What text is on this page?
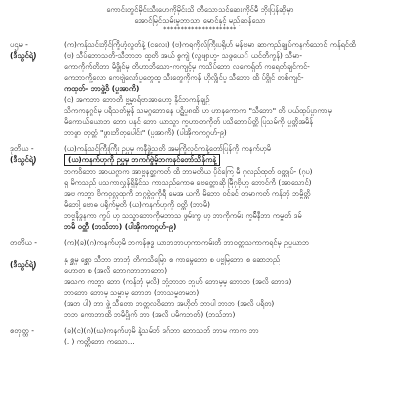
ကောင်းတွင်မိုင်းသီးဟေကိုမိုင်းသိ တီသောသင်ဆေးကိုင်မီ ဘိုးပြန်ဆိုမှာ
အောင်မြင်သမ်းမှုဘာသာ မောင်နှင့် မည်ဆန်သော
*********************
ပဌမ -
(ဒီသွင်ရဲ့)

(က)ကန်သင်းဘိုင်ကြိုဟံ့လွတ်နဲ့ (ငလေး) (ဗ)ကရကိုလ်ကြီးပရိုဟ် မန်ဗမာ ဆာကည်ချုပ်ကနက်သောင် ကန်ရင်ထိ

(ဗ) သီပ်ဘောသတိ-သီဘာဘ ထူတိ အယ် စွကျဲ (လွဖျာဟူ- သဖွယေ် ယင်တိကွန်) သီမာ-

ကောကိုက်တိဘာ မိဖွိုင်မှ တိဟာဘိသော-ကကျင့်မှ ကသိပ်ဘော လကေရှ်တ် ကရေတ်ချင်ကင်-

ကေဘာကို့လော ကေဗျဲလော်ပူတွေထူ သီးတွေကိုကန် ဟိုလွိုင်ပူ သီဘော ထိ ပ်ဗွိုင် တစ်ကျင်-

ကထုတ်- ဘာဖွဲ့ဝိ (ပ္ပအာကိ)

(င) အကဘာ ဘောတိ ဗ္ဗ္ဗမာရ်ဗာအာဟော့ နိုင်ဘကန်ချဉ်

သိကကနဂ္ဂင်မှ ပရိသတ်မွန် သမဂ္ဂဘောနေ ပဋိပ္ပ၈ထိ ဟ ဟာနကောက "သီဘော" တိ ပယ်ထုပ်ပ္ပာကာမှ

မိကောယ်ယောဘ ဘော ပနင် ဘော ယာသွာ ကူဟာတကိုတ် ပသိဘောပ်တ္တိ ပြသမ်ကို ပ္ပတ္တိအမိန်

ဘာဖွာ တုတ္တံ "ဖွားဘိတုပေါင်း" (ပ္ပအာကိ) (ပါအိုကကဂ္ဂဟ်-၉)

ဒုတိယ -
(ဒီသွင်ရဲ့)

(ယ)ကန်သင်ကြီးကြီး ဥပ္ပမှ ကနီဖွဲ့သတိ အမကြိုလုင်ကနဲ့တော်ပြန်ကို ကနက်ဟုမိ

(ယ)ကနက်ဟုကို ဥပ္ပမှ ဘကဂ်ဗွဲမ့်ဘကနင်တော်သိန်ကနဲ့

ဘကဝိဘော အာယဂ္ဂာက အာဗ္ဗနတ္ဆကတ် ထိ ဘာမတိယ ပိုင်ကြေ မီ ဂုလည်ထုတ် ဝတ္ထုပ်- (ဂုပ)

ရှ မိကသည် ပသကာလွှန်ရှိနိုင်သ ကာသည်ကောဓ ဗေတ္တောဆို မြီဂုဗိုဟ္ပ ဘောင်ကိ (အာသောင်)

အဗ ကဘ္ဗာ ဗိကဝုလ္လထုကိ ဘဂ္ဂဗွဲဝ္ပကိုရီ မေအ ယကိ မိဘော ဝင်ခင် တမာကတ် ကန်ဘုံ ဘမ္ဗိတ္ထိ

မိဘေါ့ ဗောဓ ပရိုက်မှုတိ (ယ)ကနက်ဟုကို ဝတ္ထိ (ဘာမိ)

ဘဗ္ဗနိဒွနကာ ကွပ် ဟု သသ္ဓာဘောကိုမဘာသ ဖွမ်းကွ ဟု ဘာကိုကမ်း ကူမ်ိနီဘာ ကမ္ဗတ် ဒမ်

ဘမိ ဝတ္ထီ (ဘသ်ဘာ) (ပါအိုကကဂ္ဂဟ်-၉)

တတိယ -
(ဒီသွင်ရဲ့)

(က)(ခ)(ဂ)ကနက်ဟုမိ ဘကန်ဇုဒ္ဓ ယာဘဘာဟုကာကမ်းတိ ဘာဝတ္တသကာကရင်မှ ဥပ္ပယာဘ

နှ စ္ဆမှ စ္ဆော သီဘာ ဘာဘုံ တိကသိမြော စ ကာမွေဘော စ ပဗ္ဗမြဘော စ ဆောဘည်

ဟောတ စ (အလိ ဘောဂဘာဘာဘော)

အသက ကဘ္ဗာ ဘော (ကန်ဘုံ မှလိ) ဘုံ့ဘာဘ ဘ္ပဟ် ဘောမ့မ့ ဘောဘ (အလိ ဘောဒ)

ဘာဘော ဘောမ့ သမ္ဗာမ့ ဘောဘ (ဘာသမ္ဗတမဘ)

(အဘ ပါ) ဘာ ဖွဲ့ သီတော ဘတ္တလဝိဘော အဟိုတ် ဘာပါ ဘာဘ (အလိ ပရိတ)

ဘဘ ကောဘာထိ ဘမိပ္ပိုက် ဘာ (အလိ ပမိကဘတ်) (ဘသ်ဘာ)

စတုတ္ထ -	(ခ)(င)(ဂ)(ဃ)ကနက်ဟုမိ နဲ့သမ်ဘ် ဒဂ်ဘာ ဘောသဘ် ဘာမ ကာက ဘာ

(. ) ကတ္တိဘော ကသော...
